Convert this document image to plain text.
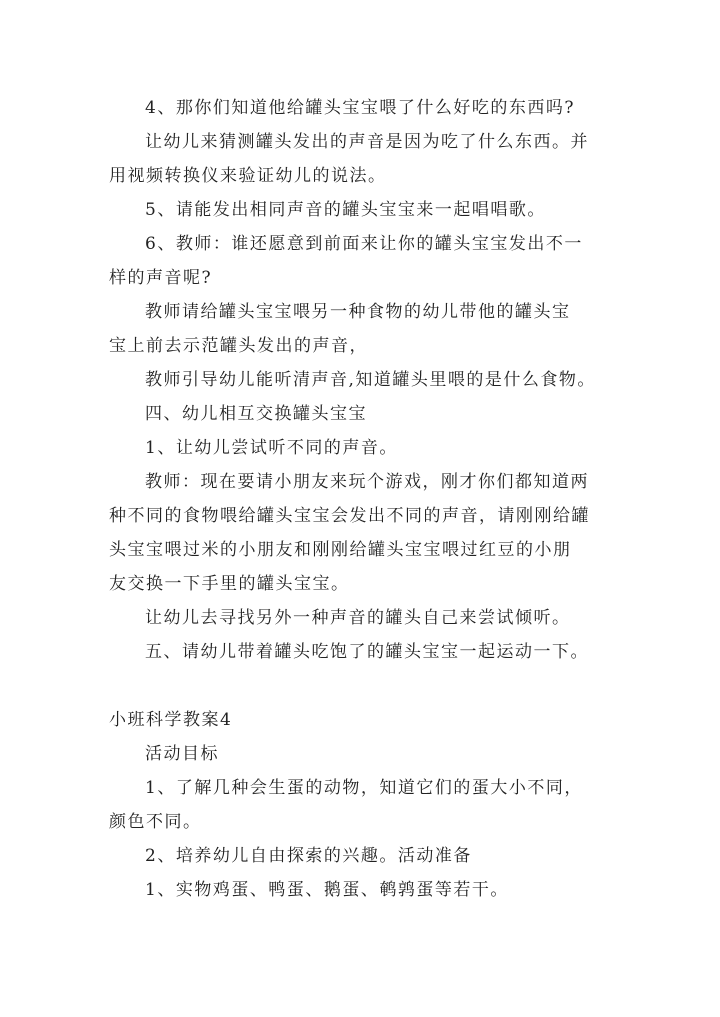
4、那你们知道他给罐头宝宝喂了什么好吃的东西吗?
让幼儿来猜测罐头发出的声音是因为吃了什么东西。并
用视频转换仪来验证幼儿的说法。
5、请能发出相同声音的罐头宝宝来一起唱唱歌。
6、教师：谁还愿意到前面来让你的罐头宝宝发出不一
样的声音呢?
教师请给罐头宝宝喂另一种食物的幼儿带他的罐头宝
宝上前去示范罐头发出的声音，
教师引导幼儿能听清声音,知道罐头里喂的是什么食物。
四、幼儿相互交换罐头宝宝
1、让幼儿尝试听不同的声音。
教师：现在要请小朋友来玩个游戏，刚才你们都知道两
种不同的食物喂给罐头宝宝会发出不同的声音，请刚刚给罐
头宝宝喂过米的小朋友和刚刚给罐头宝宝喂过红豆的小朋
友交换一下手里的罐头宝宝。
让幼儿去寻找另外一种声音的罐头自己来尝试倾听。
五、请幼儿带着罐头吃饱了的罐头宝宝一起运动一下。
小班科学教案4
活动目标
1、了解几种会生蛋的动物，知道它们的蛋大小不同，
颜色不同。
2、培养幼儿自由探索的兴趣。活动准备
1、实物鸡蛋、鸭蛋、鹅蛋、鹌鹑蛋等若干。
